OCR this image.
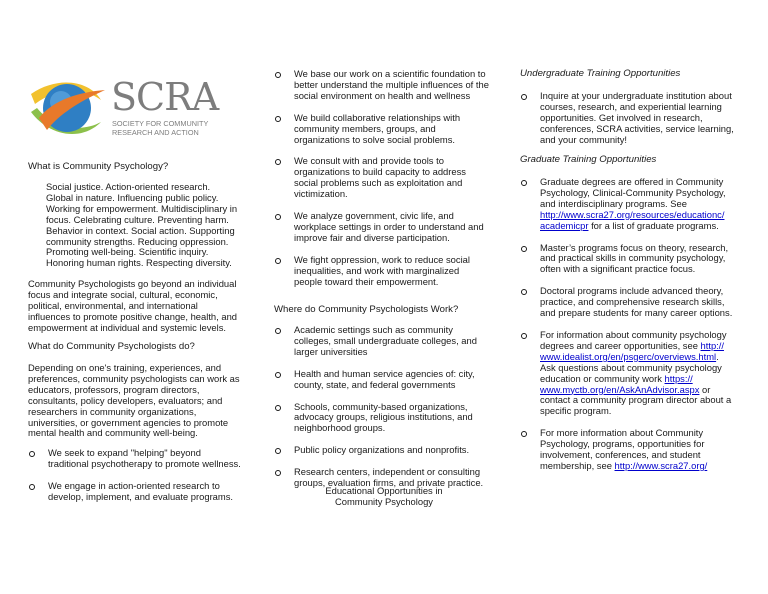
SCRA
SOCIETY FOR COMMUNITY
RESEARCH AND ACTION

What is Community Psychology?

Social justice. Action-oriented research.

Global in nature. Influencing public policy.

Working for empowerment. Multidisciplinary in

focus. Celebrating culture. Preventing harm.

Behavior in context. Social action. Supporting

community strengths. Reducing oppression.

Promoting well-being. Scientific inquiry.

Honoring human rights. Respecting diversity.

Community Psychologists go beyond an individual

focus and integrate social, cultural, economic,

political, environmental, and international

influences to promote positive change, health, and

empowerment at individual and systemic levels.

What do Community Psychologists do?

Depending on one's training, experiences, and

preferences, community psychologists can work as

educators, professors, program directors,

consultants, policy developers, evaluators; and

researchers in community organizations,

universities, or government agencies to promote

mental health and community well-being.

We seek to expand "helping" beyond

traditional psychotherapy to promote wellness.

We engage in action-oriented research to

develop, implement, and evaluate programs.

We base our work on a scientific foundation to

better understand the multiple influences of the

social environment on health and wellness

We build collaborative relationships with

community members, groups, and

organizations to solve social problems.

We consult with and provide tools to

organizations to build capacity to address

social problems such as exploitation and

victimization.

We analyze government, civic life, and

workplace settings in order to understand and

improve fair and diverse participation.

We fight oppression, work to reduce social

inequalities, and work with marginalized

people toward their empowerment.

Where do Community Psychologists Work?

Academic settings such as community

colleges, small undergraduate colleges, and

larger universities

Health and human service agencies of: city,

county, state, and federal governments

Schools, community-based organizations,

advocacy groups, religious institutions, and

neighborhood groups.

Public policy organizations and nonprofits.

Research centers, independent or consulting

groups, evaluation firms, and private practice.

Educational Opportunities in

Community Psychology

Undergraduate Training Opportunities

Inquire at your undergraduate institution about

courses, research, and experiential learning

opportunities. Get involved in research,

conferences, SCRA activities, service learning,

and your community!

Graduate Training Opportunities

Graduate degrees are offered in Community

Psychology, Clinical-Community Psychology,

and interdisciplinary programs. See

http://www.scra27.org/resources/educationc/

academicpr for a list of graduate programs.

Master’s programs focus on theory, research,

and practical skills in community psychology,

often with a significant practice focus.

Doctoral programs include advanced theory,

practice, and comprehensive research skills,

and prepare students for many career options.

For information about community psychology

degrees and career opportunities, see http://

www.idealist.org/en/psgerc/overviews.html.

Ask questions about community psychology

education or community work https://

www.myctb.org/en/AskAnAdvisor.aspx or

contact a community program director about a

specific program.

For more information about Community

Psychology, programs, opportunities for

involvement, conferences, and student

membership, see http://www.scra27.org/
